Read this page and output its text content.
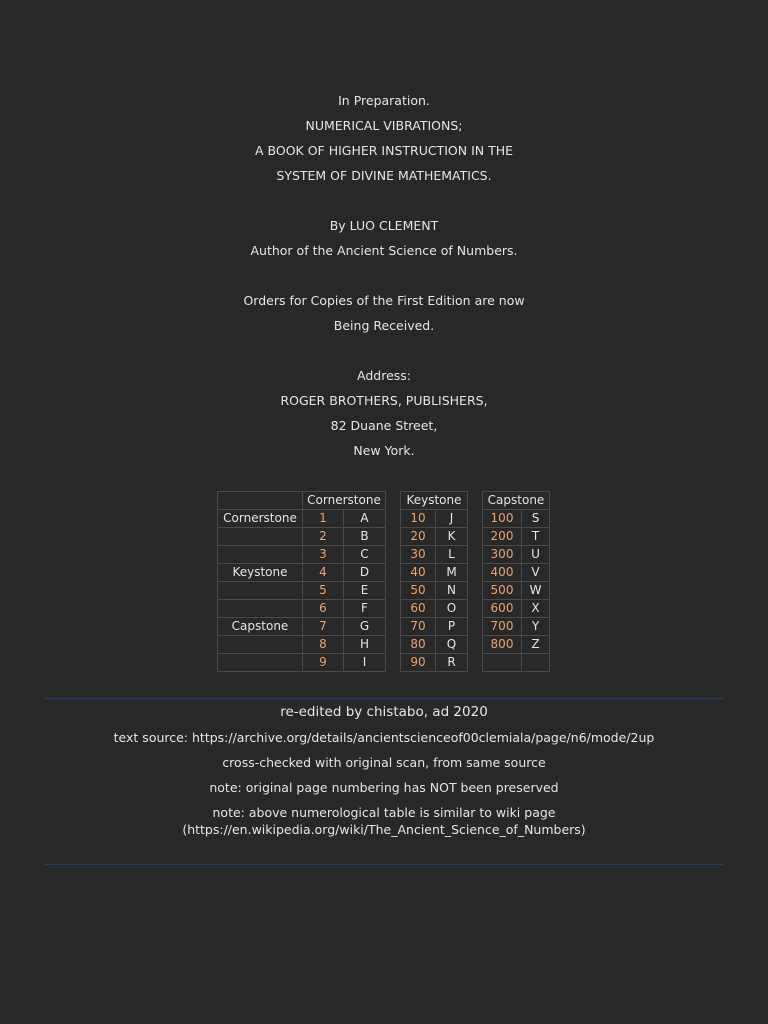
In Preparation.
NUMERICAL VIBRATIONS;
A BOOK OF HIGHER INSTRUCTION IN THE
SYSTEM OF DIVINE MATHEMATICS.
By LUO CLEMENT
Author of the Ancient Science of Numbers.
Orders for Copies of the First Edition are now
Being Received.
Address:
ROGER BROTHERS, PUBLISHERS,
82 Duane Street,
New York.
	Cornerstone			Keystone			Capstone	
Cornerstone	1	A		10	J		100	S
	2	B		20	K		200	T
	3	C		30	L		300	U
Keystone	4	D		40	M		400	V
	5	E		50	N		500	W
	6	F		60	O		600	X
Capstone	7	G		70	P		700	Y
	8	H		80	Q		800	Z
	9	I		90	R			
re-edited by chistabo, ad 2020
text source: https://archive.org/details/ancientscienceof00clemiala/page/n6/mode/2up
cross-checked with original scan, from same source
note: original page numbering has NOT been preserved
note: above numerological table is similar to wiki page
(https://en.wikipedia.org/wiki/The_Ancient_Science_of_Numbers)
